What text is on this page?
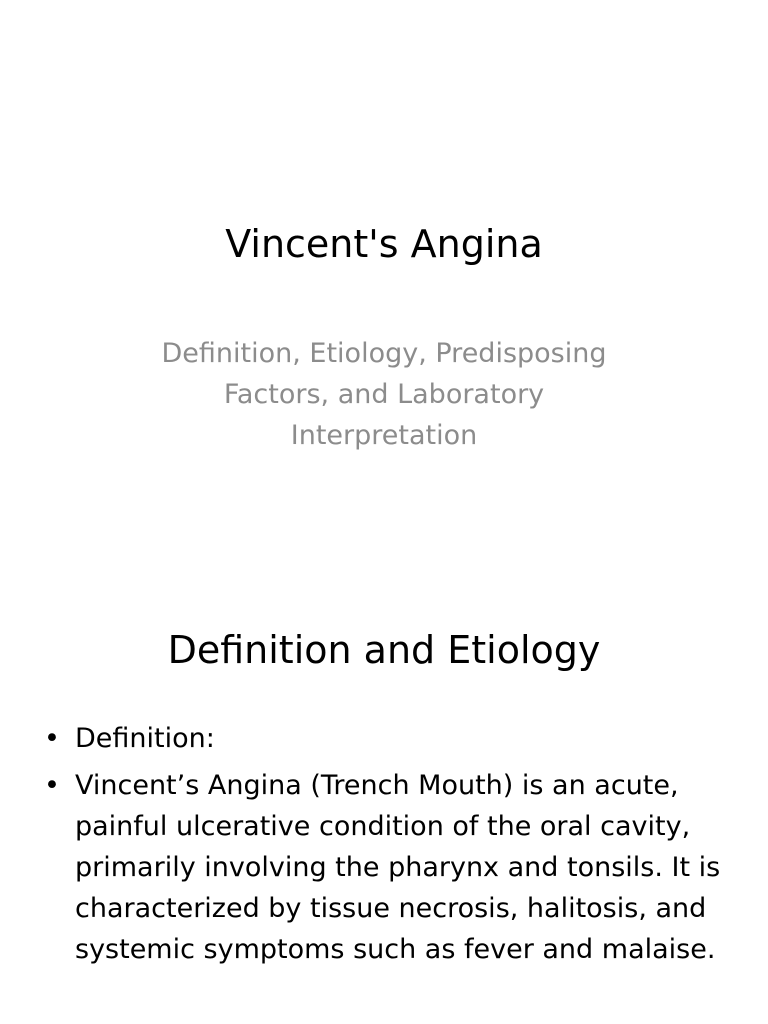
Vincent's Angina

Definition, Etiology, Predisposing Factors, and Laboratory Interpretation

Definition and Etiology
• Definition:
• Vincent’s Angina (Trench Mouth) is an acute, painful ulcerative condition of the oral cavity, primarily involving the pharynx and tonsils. It is characterized by tissue necrosis, halitosis, and systemic symptoms such as fever and malaise.
